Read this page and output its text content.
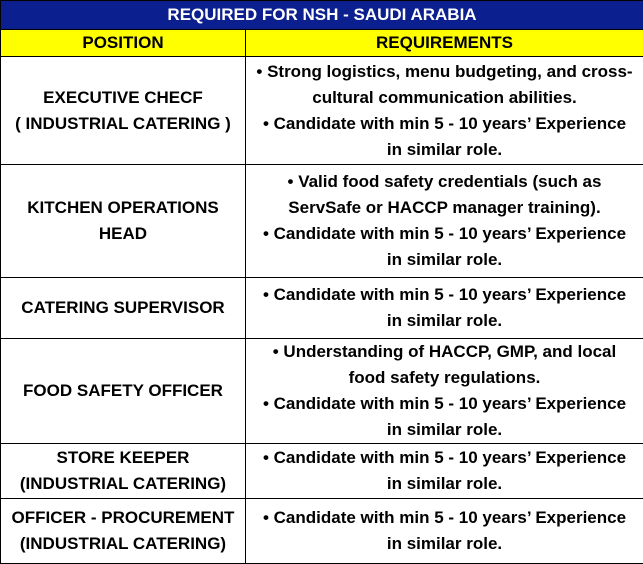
REQUIRED FOR NSH - SAUDI ARABIA	
POSITION	REQUIREMENTS

EXECUTIVE CHECF
( INDUSTRIAL CATERING )	• Strong logistics, menu budgeting, and cross-
cultural communication abilities.
• Candidate with min 5 - 10 years’ Experience
in similar role.

KITCHEN OPERATIONS
HEAD	• Valid food safety credentials (such as
ServSafe or HACCP manager training).
• Candidate with min 5 - 10 years’ Experience
in similar role.

CATERING SUPERVISOR	• Candidate with min 5 - 10 years’ Experience
in similar role.

FOOD SAFETY OFFICER	• Understanding of HACCP, GMP, and local
food safety regulations.
• Candidate with min 5 - 10 years’ Experience
in similar role.

STORE KEEPER
(INDUSTRIAL CATERING)	• Candidate with min 5 - 10 years’ Experience
in similar role.

OFFICER - PROCUREMENT
(INDUSTRIAL CATERING)	• Candidate with min 5 - 10 years’ Experience
in similar role.
